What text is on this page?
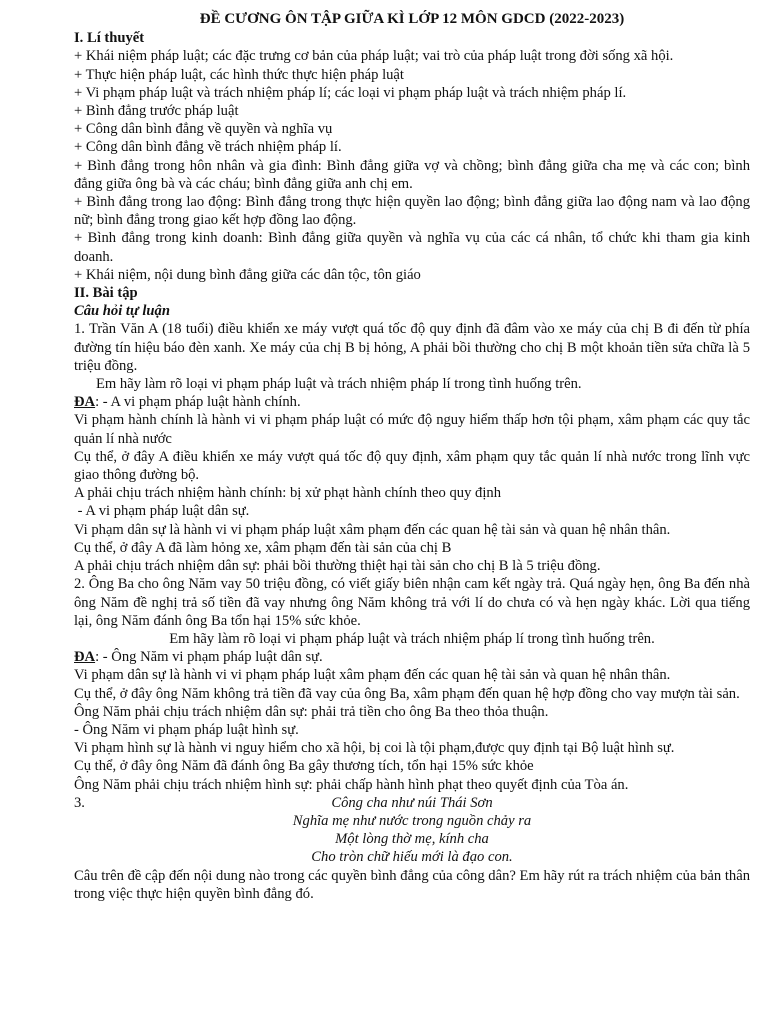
ĐỀ CƯƠNG ÔN TẬP GIỮA KÌ LỚP 12 MÔN GDCD (2022-2023)

I. Lí thuyết

+ Khái niệm pháp luật; các đặc trưng cơ bản của pháp luật; vai trò của pháp luật trong đời sống xã hội.

+ Thực hiện pháp luật, các hình thức thực hiện pháp luật

+ Vi phạm pháp luật và trách nhiệm pháp lí; các loại vi phạm pháp luật và trách nhiệm pháp lí.

+ Bình đẳng trước pháp luật

+ Công dân bình đẳng về quyền và nghĩa vụ

+ Công dân bình đẳng về trách nhiệm pháp lí.

+ Bình đẳng trong hôn nhân và gia đình: Bình đẳng giữa vợ và chồng; bình đẳng giữa cha mẹ và các con; bình đẳng giữa ông bà và các cháu; bình đẳng giữa anh chị em.

+ Bình đẳng trong lao động: Bình đẳng trong thực hiện quyền lao động; bình đẳng giữa lao động nam và lao động nữ; bình đẳng trong giao kết hợp đồng lao động.

+ Bình đẳng trong kinh doanh: Bình đẳng giữa quyền và nghĩa vụ của các cá nhân, tổ chức khi tham gia kinh doanh.

+ Khái niệm, nội dung bình đẳng giữa các dân tộc, tôn giáo

II. Bài tập

Câu hỏi tự luận

1. Trần Văn A (18 tuổi) điều khiển xe máy vượt quá tốc độ quy định đã đâm vào xe máy của chị B đi đến từ phía đường tín hiệu báo đèn xanh. Xe máy của chị B bị hỏng, A phải bồi thường cho chị B một khoản tiền sửa chữa là 5 triệu đồng.

Em hãy làm rõ loại vi phạm pháp luật và trách nhiệm pháp lí trong tình huống trên.

ĐA: - A vi phạm pháp luật hành chính.

Vi phạm hành chính là hành vi vi phạm pháp luật có mức độ nguy hiểm thấp hơn tội phạm, xâm phạm các quy tắc quản lí nhà nước

Cụ thể, ở đây A điều khiển xe máy vượt quá tốc độ quy định, xâm phạm quy tắc quản lí nhà nước trong lĩnh vực giao thông đường bộ.

A phải chịu trách nhiệm hành chính: bị xử phạt hành chính theo quy định

- A vi phạm pháp luật dân sự.

Vi phạm dân sự là hành vi vi phạm pháp luật xâm phạm đến các quan hệ tài sản và quan hệ nhân thân.

Cụ thể, ở đây A đã làm hỏng xe, xâm phạm đến tài sản của chị B

A phải chịu trách nhiệm dân sự: phải bồi thường thiệt hại tài sản cho chị B là 5 triệu đồng.

2. Ông Ba cho ông Năm vay 50 triệu đồng, có viết giấy biên nhận cam kết ngày trả. Quá ngày hẹn, ông Ba đến nhà ông Năm đề nghị trả số tiền đã vay nhưng ông Năm không trả với lí do chưa có và hẹn ngày khác. Lời qua tiếng lại, ông Năm đánh ông Ba tổn hại 15% sức khỏe.

Em hãy làm rõ loại vi phạm pháp luật và trách nhiệm pháp lí trong tình huống trên.

ĐA: - Ông Năm vi phạm pháp luật dân sự.

Vi phạm dân sự là hành vi vi phạm pháp luật xâm phạm đến các quan hệ tài sản và quan hệ nhân thân.

Cụ thể, ở đây ông Năm không trả tiền đã vay của ông Ba, xâm phạm đến quan hệ hợp đồng cho vay mượn tài sản.

Ông Năm phải chịu trách nhiệm dân sự: phải trả tiền cho ông Ba theo thỏa thuận.

- Ông Năm vi phạm pháp luật hình sự.

Vi phạm hình sự là hành vi nguy hiểm cho xã hội, bị coi là tội phạm,được quy định tại Bộ luật hình sự.

Cụ thể, ở đây ông Năm đã đánh ông Ba gây thương tích, tổn hại 15% sức khỏe

Ông Năm phải chịu trách nhiệm hình sự: phải chấp hành hình phạt theo quyết định của Tòa án.

3.	Công cha như núi Thái Sơn

Nghĩa mẹ như nước trong nguồn chảy ra

Một lòng thờ mẹ, kính cha

Cho tròn chữ hiếu mới là đạo con.

Câu trên đề cập đến nội dung nào trong các quyền bình đẳng của công dân? Em hãy rút ra trách nhiệm của bản thân trong việc thực hiện quyền bình đẳng đó.
